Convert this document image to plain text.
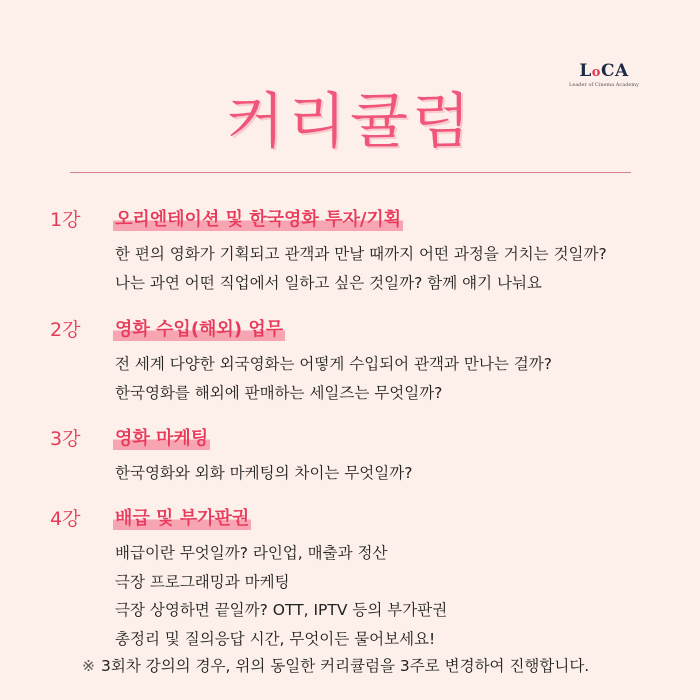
LoCA
Leader of Cinema Academy
커리큘럼
1강 오리엔테이션 및 한국영화 투자/기획
한 편의 영화가 기획되고 관객과 만날 때까지 어떤 과정을 거치는 것일까?
나는 과연 어떤 직업에서 일하고 싶은 것일까? 함께 얘기 나눠요
2강 영화 수입(해외) 업무
전 세계 다양한 외국영화는 어떻게 수입되어 관객과 만나는 걸까?
한국영화를 해외에 판매하는 세일즈는 무엇일까?
3강 영화 마케팅
한국영화와 외화 마케팅의 차이는 무엇일까?
4강 배급 및 부가판권
배급이란 무엇일까? 라인업, 매출과 정산
극장 프로그래밍과 마케팅
극장 상영하면 끝일까? OTT, IPTV 등의 부가판권
총정리 및 질의응답 시간, 무엇이든 물어보세요!
※ 3회차 강의의 경우, 위의 동일한 커리큘럼을 3주로 변경하여 진행합니다.
